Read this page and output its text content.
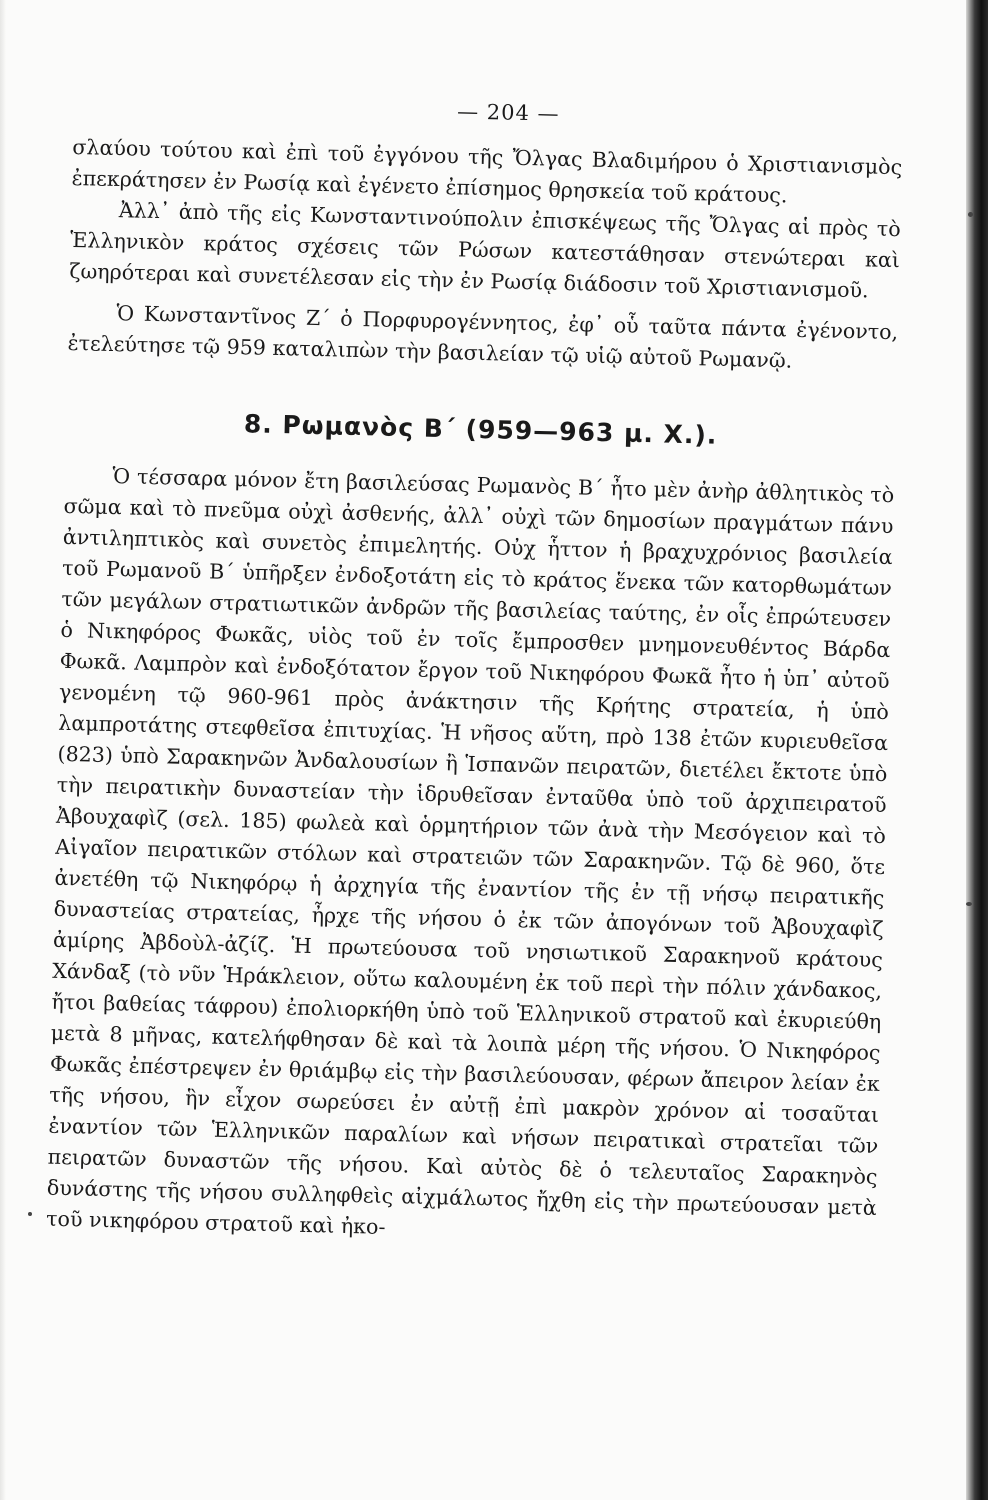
— 204 —

σλαύου τούτου καὶ ἐπὶ τοῦ ἐγγόνου τῆς Ὄλγας Βλαδιμήρου ὁ Χριστιανισμὸς ἐπεκράτησεν ἐν Ρωσίᾳ καὶ ἐγένετο ἐπίσημος θρησκεία τοῦ κράτους.

Ἀλλ᾽ ἀπὸ τῆς εἰς Κωνσταντινούπολιν ἐπισκέψεως τῆς Ὄλγας αἱ πρὸς τὸ Ἑλληνικὸν κράτος σχέσεις τῶν Ρώσων κατεστάθησαν στενώτεραι καὶ ζωηρότεραι καὶ συνετέλεσαν εἰς τὴν ἐν Ρωσίᾳ διάδοσιν τοῦ Χριστιανισμοῦ.

Ὁ Κωνσταντῖνος Ζ΄ ὁ Πορφυρογέννητος, ἐφ᾽ οὗ ταῦτα πάντα ἐγένοντο, ἐτελεύτησε τῷ 959 καταλιπὼν τὴν βασιλείαν τῷ υἱῷ αὐτοῦ Ρωμανῷ.

8. Ρωμανὸς Β΄ (959—963 μ. Χ.).

Ὁ τέσσαρα μόνον ἔτη βασιλεύσας Ρωμανὸς Β΄ ἦτο μὲν ἀνὴρ ἀθλητικὸς τὸ σῶμα καὶ τὸ πνεῦμα οὐχὶ ἀσθενής, ἀλλ᾽ οὐχὶ τῶν δημοσίων πραγμάτων πάνυ ἀντιληπτικὸς καὶ συνετὸς ἐπιμελητής. Οὐχ ἧττον ἡ βραχυχρόνιος βασιλεία τοῦ Ρωμανοῦ Β΄ ὑπῆρξεν ἐνδοξοτάτη εἰς τὸ κράτος ἕνεκα τῶν κατορθωμάτων τῶν μεγάλων στρατιωτικῶν ἀνδρῶν τῆς βασιλείας ταύτης, ἐν οἷς ἐπρώτευσεν ὁ Νικηφόρος Φωκᾶς, υἱὸς τοῦ ἐν τοῖς ἔμπροσθεν μνημονευθέντος Βάρδα Φωκᾶ. Λαμπρὸν καὶ ἐνδοξότατον ἔργον τοῦ Νικηφόρου Φωκᾶ ἦτο ἡ ὑπ᾽ αὐτοῦ γενομένη τῷ 960-961 πρὸς ἀνάκτησιν τῆς Κρήτης στρατεία, ἡ ὑπὸ λαμπροτάτης στεφθεῖσα ἐπιτυχίας. Ἡ νῆσος αὕτη, πρὸ 138 ἐτῶν κυριευθεῖσα (823) ὑπὸ Σαρακηνῶν Ἀνδαλουσίων ἢ Ἱσπανῶν πειρατῶν, διετέλει ἔκτοτε ὑπὸ τὴν πειρατικὴν δυναστείαν τὴν ἱδρυθεῖσαν ἐνταῦθα ὑπὸ τοῦ ἀρχιπειρατοῦ Ἀβουχαφὶζ (σελ. 185) φωλεὰ καὶ ὁρμητήριον τῶν ἀνὰ τὴν Μεσόγειον καὶ τὸ Αἰγαῖον πειρατικῶν στόλων καὶ στρατειῶν τῶν Σαρακηνῶν. Τῷ δὲ 960, ὅτε ἀνετέθη τῷ Νικηφόρῳ ἡ ἀρχηγία τῆς ἐναντίον τῆς ἐν τῇ νήσῳ πειρατικῆς δυναστείας στρατείας, ἦρχε τῆς νήσου ὁ ἐκ τῶν ἀπογόνων τοῦ Ἀβουχαφὶζ ἀμίρης Ἀβδοὺλ-ἀζίζ. Ἡ πρωτεύουσα τοῦ νησιωτικοῦ Σαρακηνοῦ κράτους Χάνδαξ (τὸ νῦν Ἡράκλειον, οὕτω καλουμένη ἐκ τοῦ περὶ τὴν πόλιν χάνδακος, ἤτοι βαθείας τάφρου) ἐπολιορκήθη ὑπὸ τοῦ Ἑλληνικοῦ στρατοῦ καὶ ἐκυριεύθη μετὰ 8 μῆνας, κατελήφθησαν δὲ καὶ τὰ λοιπὰ μέρη τῆς νήσου. Ὁ Νικηφόρος Φωκᾶς ἐπέστρεψεν ἐν θριάμβῳ εἰς τὴν βασιλεύουσαν, φέρων ἄπειρον λείαν ἐκ τῆς νήσου, ἣν εἶχον σωρεύσει ἐν αὐτῇ ἐπὶ μακρὸν χρόνον αἱ τοσαῦται ἐναντίον τῶν Ἑλληνικῶν παραλίων καὶ νήσων πειρατικαὶ στρατεῖαι τῶν πειρατῶν δυναστῶν τῆς νήσου. Καὶ αὐτὸς δὲ ὁ τελευταῖος Σαρακηνὸς δυνάστης τῆς νήσου συλληφθεὶς αἰχμάλωτος ἤχθη εἰς τὴν πρωτεύουσαν μετὰ τοῦ νικηφόρου στρατοῦ καὶ ἠκο-
